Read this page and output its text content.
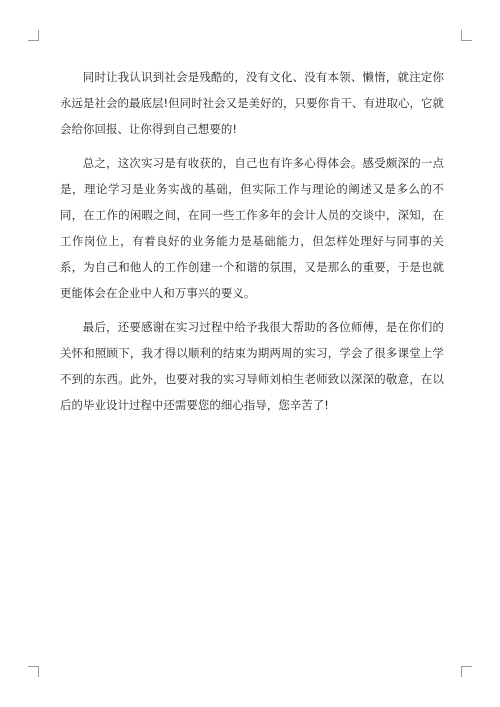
同时让我认识到社会是残酷的，没有文化、没有本领、懒惰，就注定你永远是社会的最底层!但同时社会又是美好的，只要你肯干、有进取心，它就会给你回报、让你得到自己想要的!

总之，这次实习是有收获的，自己也有许多心得体会。感受颇深的一点是，理论学习是业务实战的基础，但实际工作与理论的阐述又是多么的不同，在工作的闲暇之间，在同一些工作多年的会计人员的交谈中，深知，在工作岗位上，有着良好的业务能力是基础能力，但怎样处理好与同事的关系，为自己和他人的工作创建一个和谐的氛围，又是那么的重要，于是也就更能体会在企业中人和万事兴的要义。

最后，还要感谢在实习过程中给予我很大帮助的各位师傅，是在你们的关怀和照顾下，我才得以顺利的结束为期两周的实习，学会了很多课堂上学不到的东西。此外，也要对我的实习导师刘柏生老师致以深深的敬意，在以后的毕业设计过程中还需要您的细心指导，您辛苦了!
